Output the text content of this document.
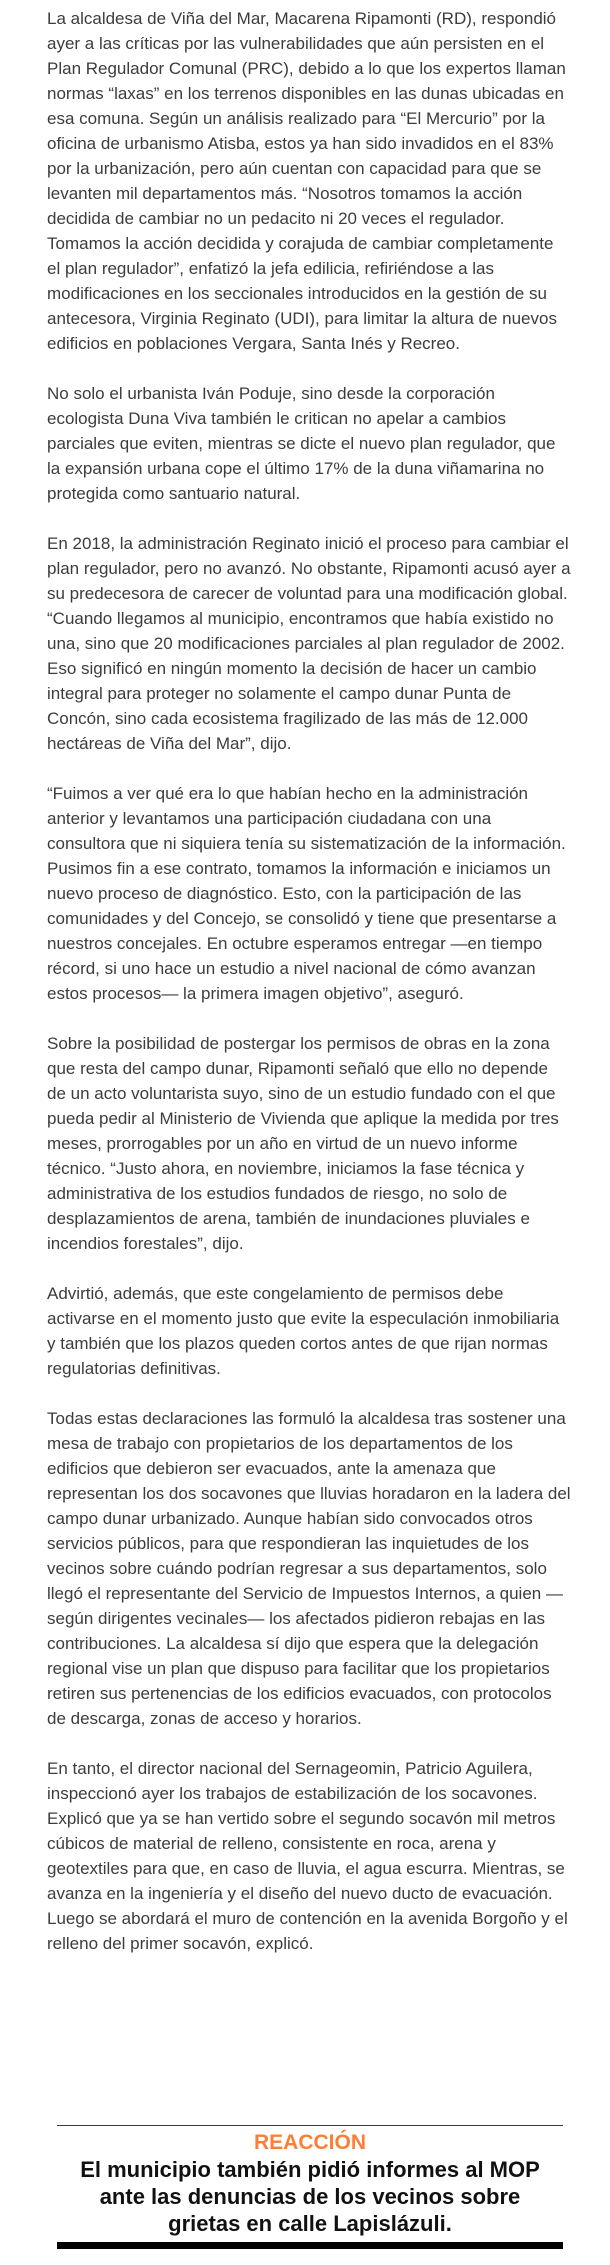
La alcaldesa de Viña del Mar, Macarena Ripamonti (RD), respondió ayer a las críticas por las vulnerabilidades que aún persisten en el Plan Regulador Comunal (PRC), debido a lo que los expertos llaman normas “laxas” en los terrenos disponibles en las dunas ubicadas en esa comuna. Según un análisis realizado para “El Mercurio” por la oficina de urbanismo Atisba, estos ya han sido invadidos en el 83% por la urbanización, pero aún cuentan con capacidad para que se levanten mil departamentos más. “Nosotros tomamos la acción decidida de cambiar no un pedacito ni 20 veces el regulador. Tomamos la acción decidida y corajuda de cambiar completamente el plan regulador”, enfatizó la jefa edilicia, refiriéndose a las modificaciones en los seccionales introducidos en la gestión de su antecesora, Virginia Reginato (UDI), para limitar la altura de nuevos edificios en poblaciones Vergara, Santa Inés y Recreo.

No solo el urbanista Iván Poduje, sino desde la corporación ecologista Duna Viva también le critican no apelar a cambios parciales que eviten, mientras se dicte el nuevo plan regulador, que la expansión urbana cope el último 17% de la duna viñamarina no protegida como santuario natural.

En 2018, la administración Reginato inició el proceso para cambiar el plan regulador, pero no avanzó. No obstante, Ripamonti acusó ayer a su predecesora de carecer de voluntad para una modificación global. “Cuando llegamos al municipio, encontramos que había existido no una, sino que 20 modificaciones parciales al plan regulador de 2002. Eso significó en ningún momento la decisión de hacer un cambio integral para proteger no solamente el campo dunar Punta de Concón, sino cada ecosistema fragilizado de las más de 12.000 hectáreas de Viña del Mar”, dijo.

“Fuimos a ver qué era lo que habían hecho en la administración anterior y levantamos una participación ciudadana con una consultora que ni siquiera tenía su sistematización de la información. Pusimos fin a ese contrato, tomamos la información e iniciamos un nuevo proceso de diagnóstico. Esto, con la participación de las comunidades y del Concejo, se consolidó y tiene que presentarse a nuestros concejales. En octubre esperamos entregar —en tiempo récord, si uno hace un estudio a nivel nacional de cómo avanzan estos procesos— la primera imagen objetivo”, aseguró.

Sobre la posibilidad de postergar los permisos de obras en la zona que resta del campo dunar, Ripamonti señaló que ello no depende de un acto voluntarista suyo, sino de un estudio fundado con el que pueda pedir al Ministerio de Vivienda que aplique la medida por tres meses, prorrogables por un año en virtud de un nuevo informe técnico. “Justo ahora, en noviembre, iniciamos la fase técnica y administrativa de los estudios fundados de riesgo, no solo de desplazamientos de arena, también de inundaciones pluviales e incendios forestales”, dijo.

Advirtió, además, que este congelamiento de permisos debe activarse en el momento justo que evite la especulación inmobiliaria y también que los plazos queden cortos antes de que rijan normas regulatorias definitivas.

Todas estas declaraciones las formuló la alcaldesa tras sostener una mesa de trabajo con propietarios de los departamentos de los edificios que debieron ser evacuados, ante la amenaza que representan los dos socavones que lluvias horadaron en la ladera del campo dunar urbanizado. Aunque habían sido convocados otros servicios públicos, para que respondieran las inquietudes de los vecinos sobre cuándo podrían regresar a sus departamentos, solo llegó el representante del Servicio de Impuestos Internos, a quien —según dirigentes vecinales— los afectados pidieron rebajas en las contribuciones. La alcaldesa sí dijo que espera que la delegación regional vise un plan que dispuso para facilitar que los propietarios retiren sus pertenencias de los edificios evacuados, con protocolos de descarga, zonas de acceso y horarios.

En tanto, el director nacional del Sernageomin, Patricio Aguilera, inspeccionó ayer los trabajos de estabilización de los socavones. Explicó que ya se han vertido sobre el segundo socavón mil metros cúbicos de material de relleno, consistente en roca, arena y geotextiles para que, en caso de lluvia, el agua escurra. Mientras, se avanza en la ingeniería y el diseño del nuevo ducto de evacuación. Luego se abordará el muro de contención en la avenida Borgoño y el relleno del primer socavón, explicó.

REACCIÓN
El municipio también pidió informes al MOP
ante las denuncias de los vecinos sobre
grietas en calle Lapislázuli.
